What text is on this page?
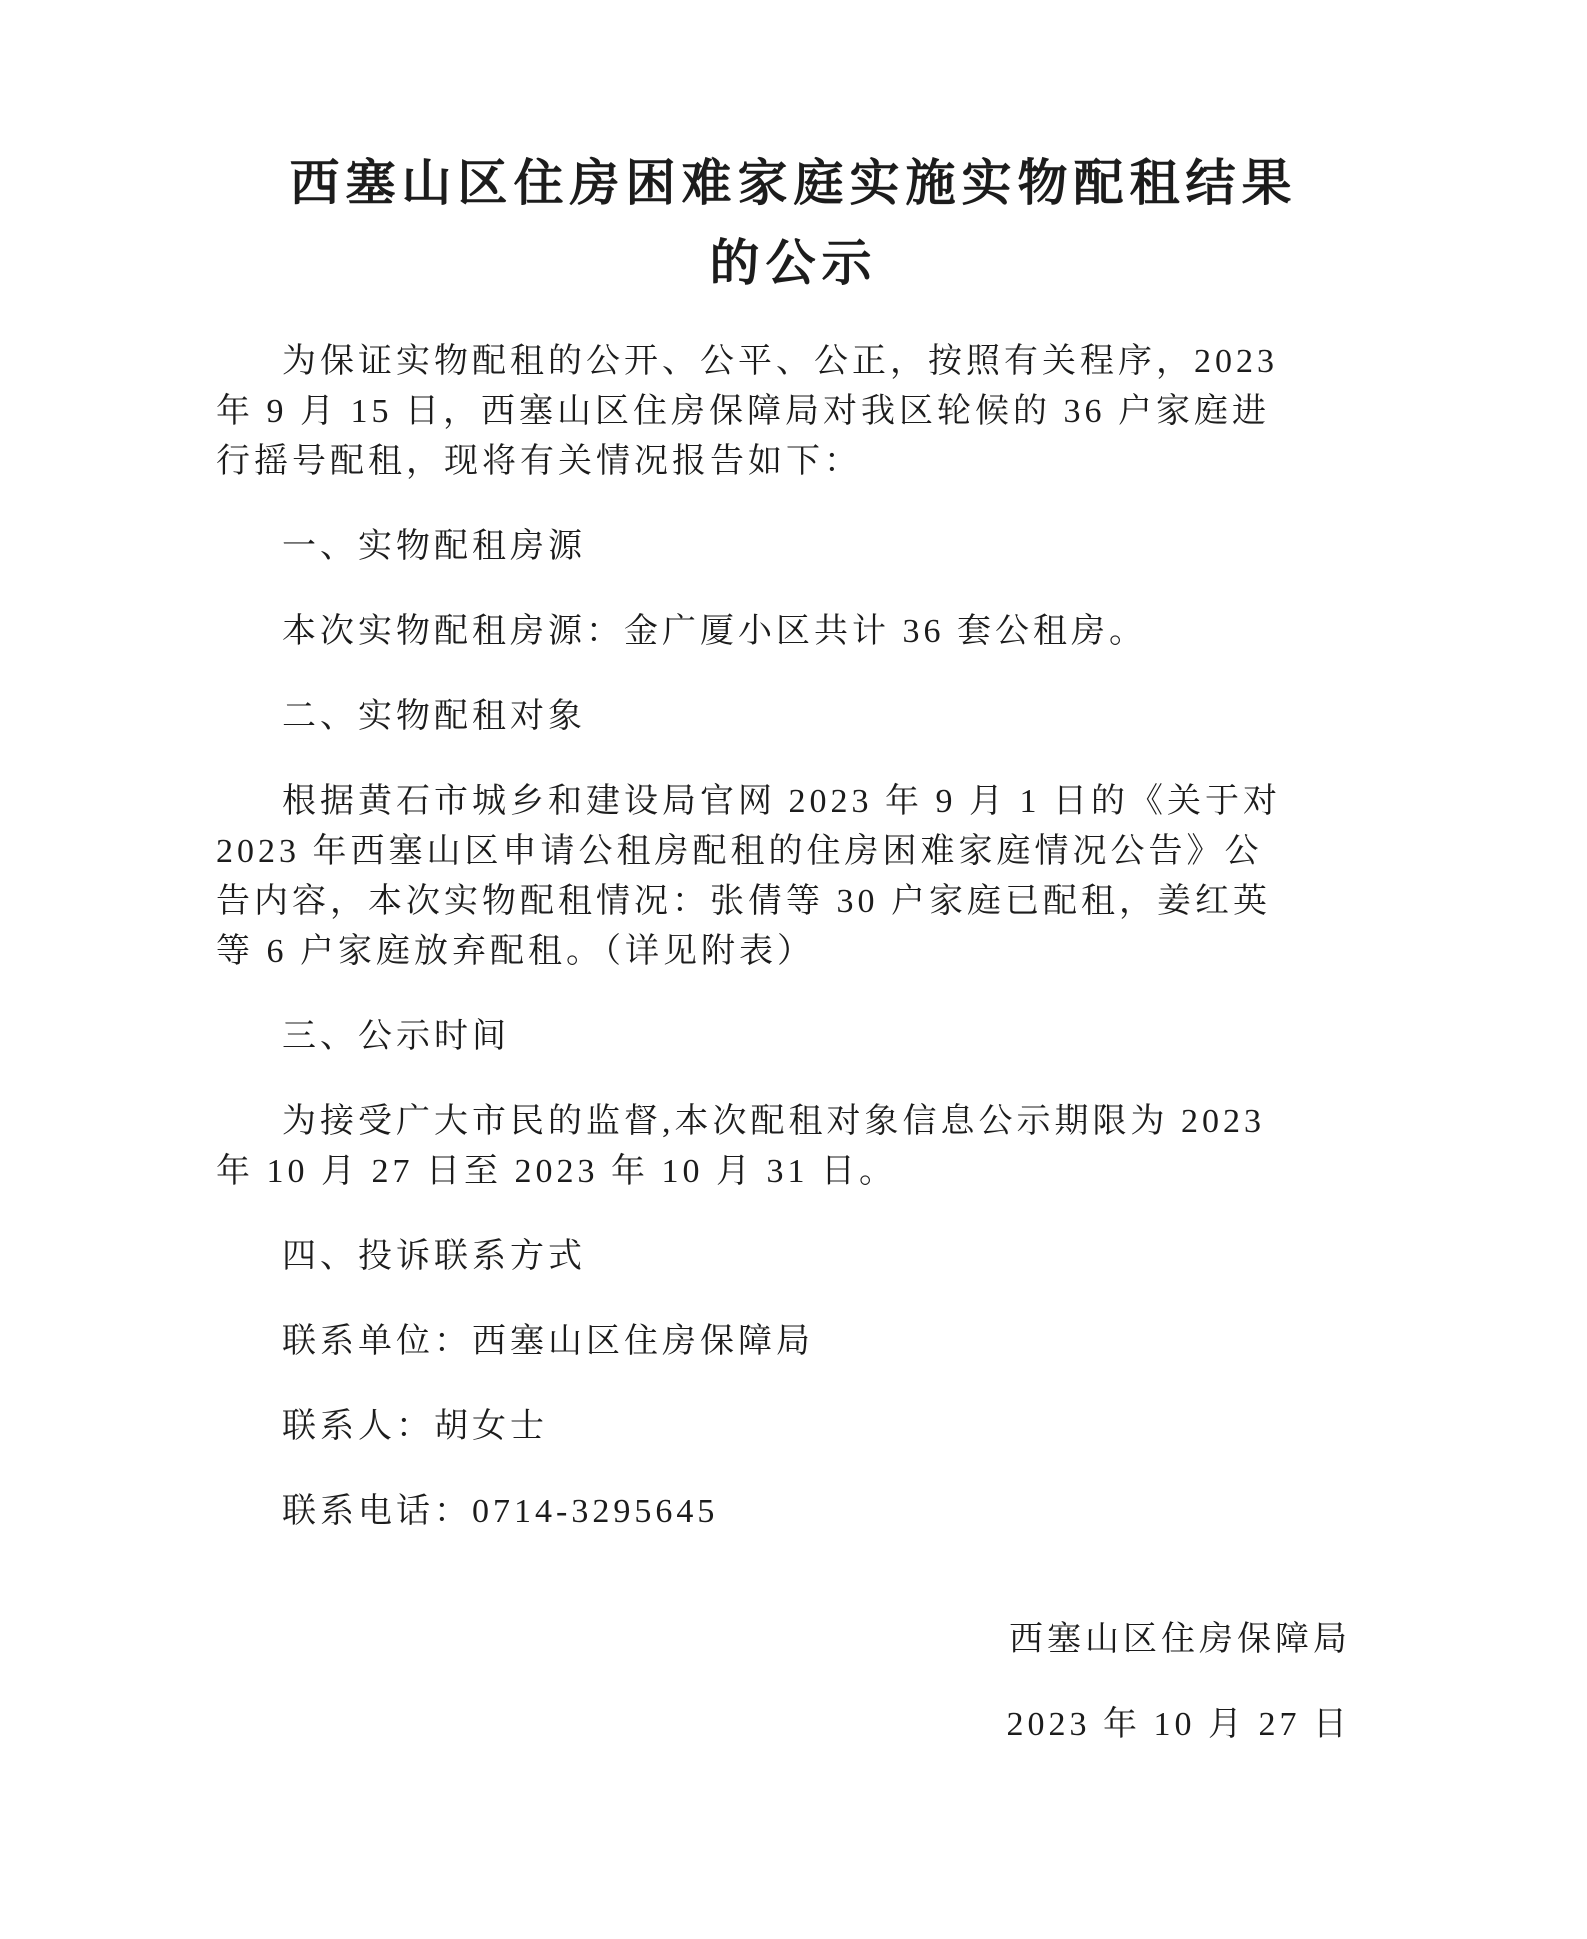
西塞山区住房困难家庭实施实物配租结果
的公示
为保证实物配租的公开、公平、公正，按照有关程序，2023
年 9 月 15 日，西塞山区住房保障局对我区轮候的 36 户家庭进
行摇号配租，现将有关情况报告如下：
一、实物配租房源
本次实物配租房源：金广厦小区共计 36 套公租房。
二、实物配租对象
根据黄石市城乡和建设局官网 2023 年 9 月 1 日的《关于对
2023 年西塞山区申请公租房配租的住房困难家庭情况公告》公
告内容，本次实物配租情况：张倩等 30 户家庭已配租，姜红英
等 6 户家庭放弃配租。（详见附表）
三、公示时间
为接受广大市民的监督,本次配租对象信息公示期限为 2023
年 10 月 27 日至 2023 年 10 月 31 日。
四、投诉联系方式
联系单位：西塞山区住房保障局
联系人：胡女士
联系电话：0714-3295645
西塞山区住房保障局
2023 年 10 月 27 日
